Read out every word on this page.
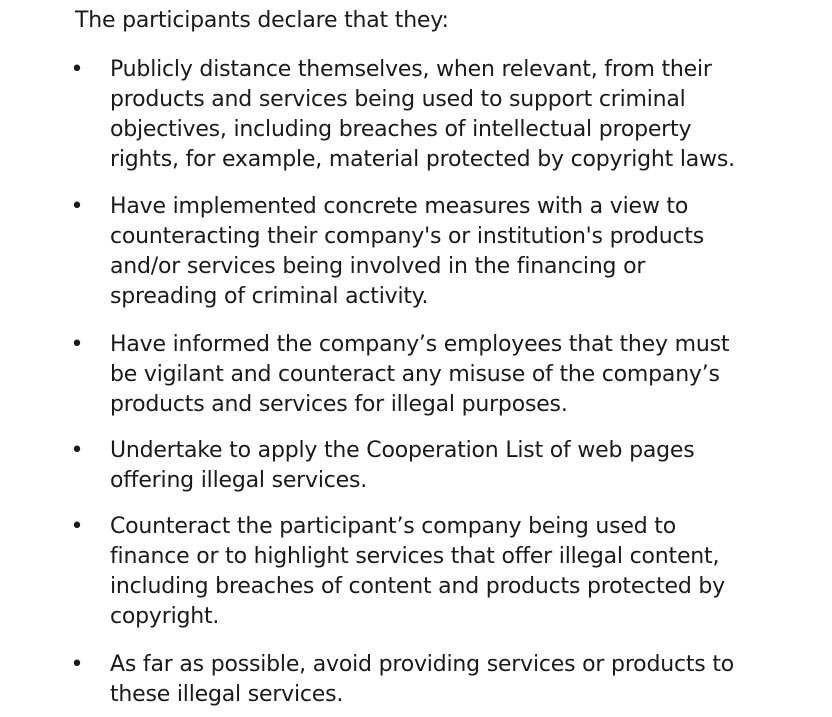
The participants declare that they:
• Publicly distance themselves, when relevant, from their
products and services being used to support criminal
objectives, including breaches of intellectual property
rights, for example, material protected by copyright laws.
• Have implemented concrete measures with a view to
counteracting their company's or institution's products
and/or services being involved in the financing or
spreading of criminal activity.
• Have informed the company’s employees that they must
be vigilant and counteract any misuse of the company’s
products and services for illegal purposes.
• Undertake to apply the Cooperation List of web pages
offering illegal services.
• Counteract the participant’s company being used to
finance or to highlight services that offer illegal content,
including breaches of content and products protected by
copyright.
• As far as possible, avoid providing services or products to
these illegal services.
